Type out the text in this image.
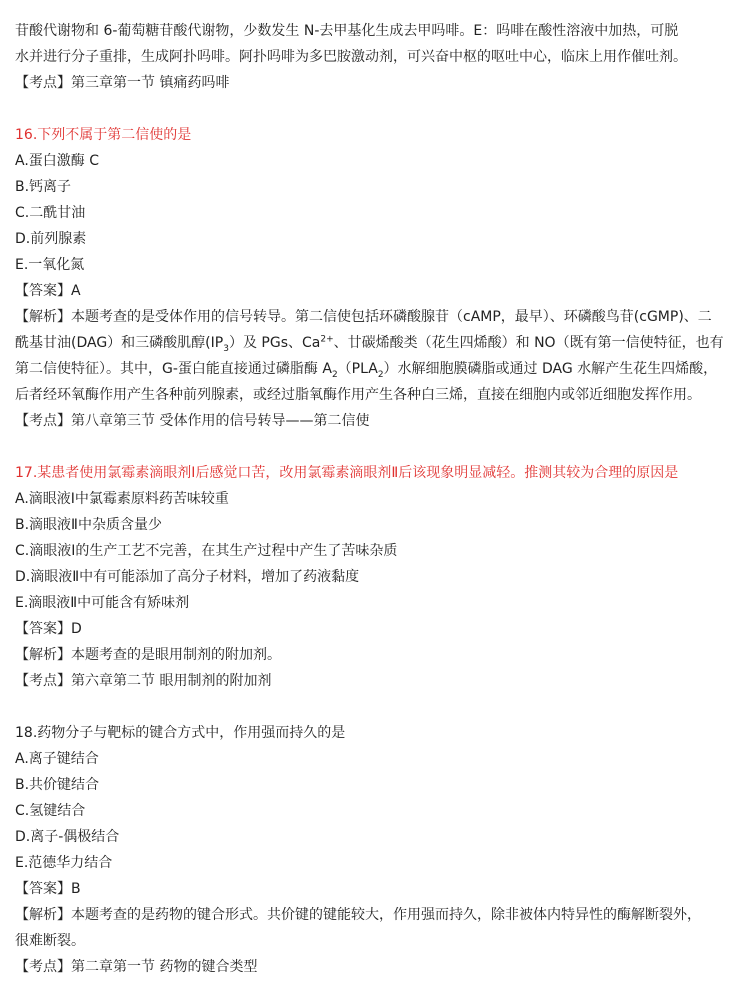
苷酸代谢物和 6-葡萄糖苷酸代谢物，少数发生 N-去甲基化生成去甲吗啡。E：吗啡在酸性溶液中加热，可脱
水并进行分子重排，生成阿扑吗啡。阿扑吗啡为多巴胺激动剂，可兴奋中枢的呕吐中心，临床上用作催吐剂。
【考点】第三章第一节 镇痛药吗啡
16.下列不属于第二信使的是
A.蛋白激酶 C
B.钙离子
C.二酰甘油
D.前列腺素
E.一氧化氮
【答案】A
【解析】本题考查的是受体作用的信号转导。第二信使包括环磷酸腺苷（cAMP，最早）、环磷酸鸟苷(cGMP)、二
酰基甘油(DAG）和三磷酸肌醇$(IP_3)$及 PGs、$Ca^{2+}$、廿碳烯酸类（花生四烯酸）和 NO（既有第一信使特征，也有
第二信使特征）。其中，G-蛋白能直接通过磷脂酶 $A_2(PLA_2)$水解细胞膜磷脂或通过 DAG 水解产生花生四烯酸，
后者经环氧酶作用产生各种前列腺素，或经过脂氧酶作用产生各种白三烯，直接在细胞内或邻近细胞发挥作用。
【考点】第八章第三节 受体作用的信号转导——第二信使
17.某患者使用氯霉素滴眼剂Ⅰ后感觉口苦，改用氯霉素滴眼剂Ⅱ后该现象明显减轻。推测其较为合理的原因是
A.滴眼液Ⅰ中氯霉素原料药苦味较重
B.滴眼液Ⅱ中杂质含量少
C.滴眼液Ⅰ的生产工艺不完善，在其生产过程中产生了苦味杂质
D.滴眼液Ⅱ中有可能添加了高分子材料，增加了药液黏度
E.滴眼液Ⅱ中可能含有矫味剂
【答案】D
【解析】本题考查的是眼用制剂的附加剂。
【考点】第六章第二节 眼用制剂的附加剂
18.药物分子与靶标的键合方式中，作用强而持久的是
A.离子键结合
B.共价键结合
C.氢键结合
D.离子-偶极结合
E.范德华力结合
【答案】B
【解析】本题考查的是药物的键合形式。共价键的键能较大，作用强而持久，除非被体内特异性的酶解断裂外，
很难断裂。
【考点】第二章第一节 药物的键合类型
